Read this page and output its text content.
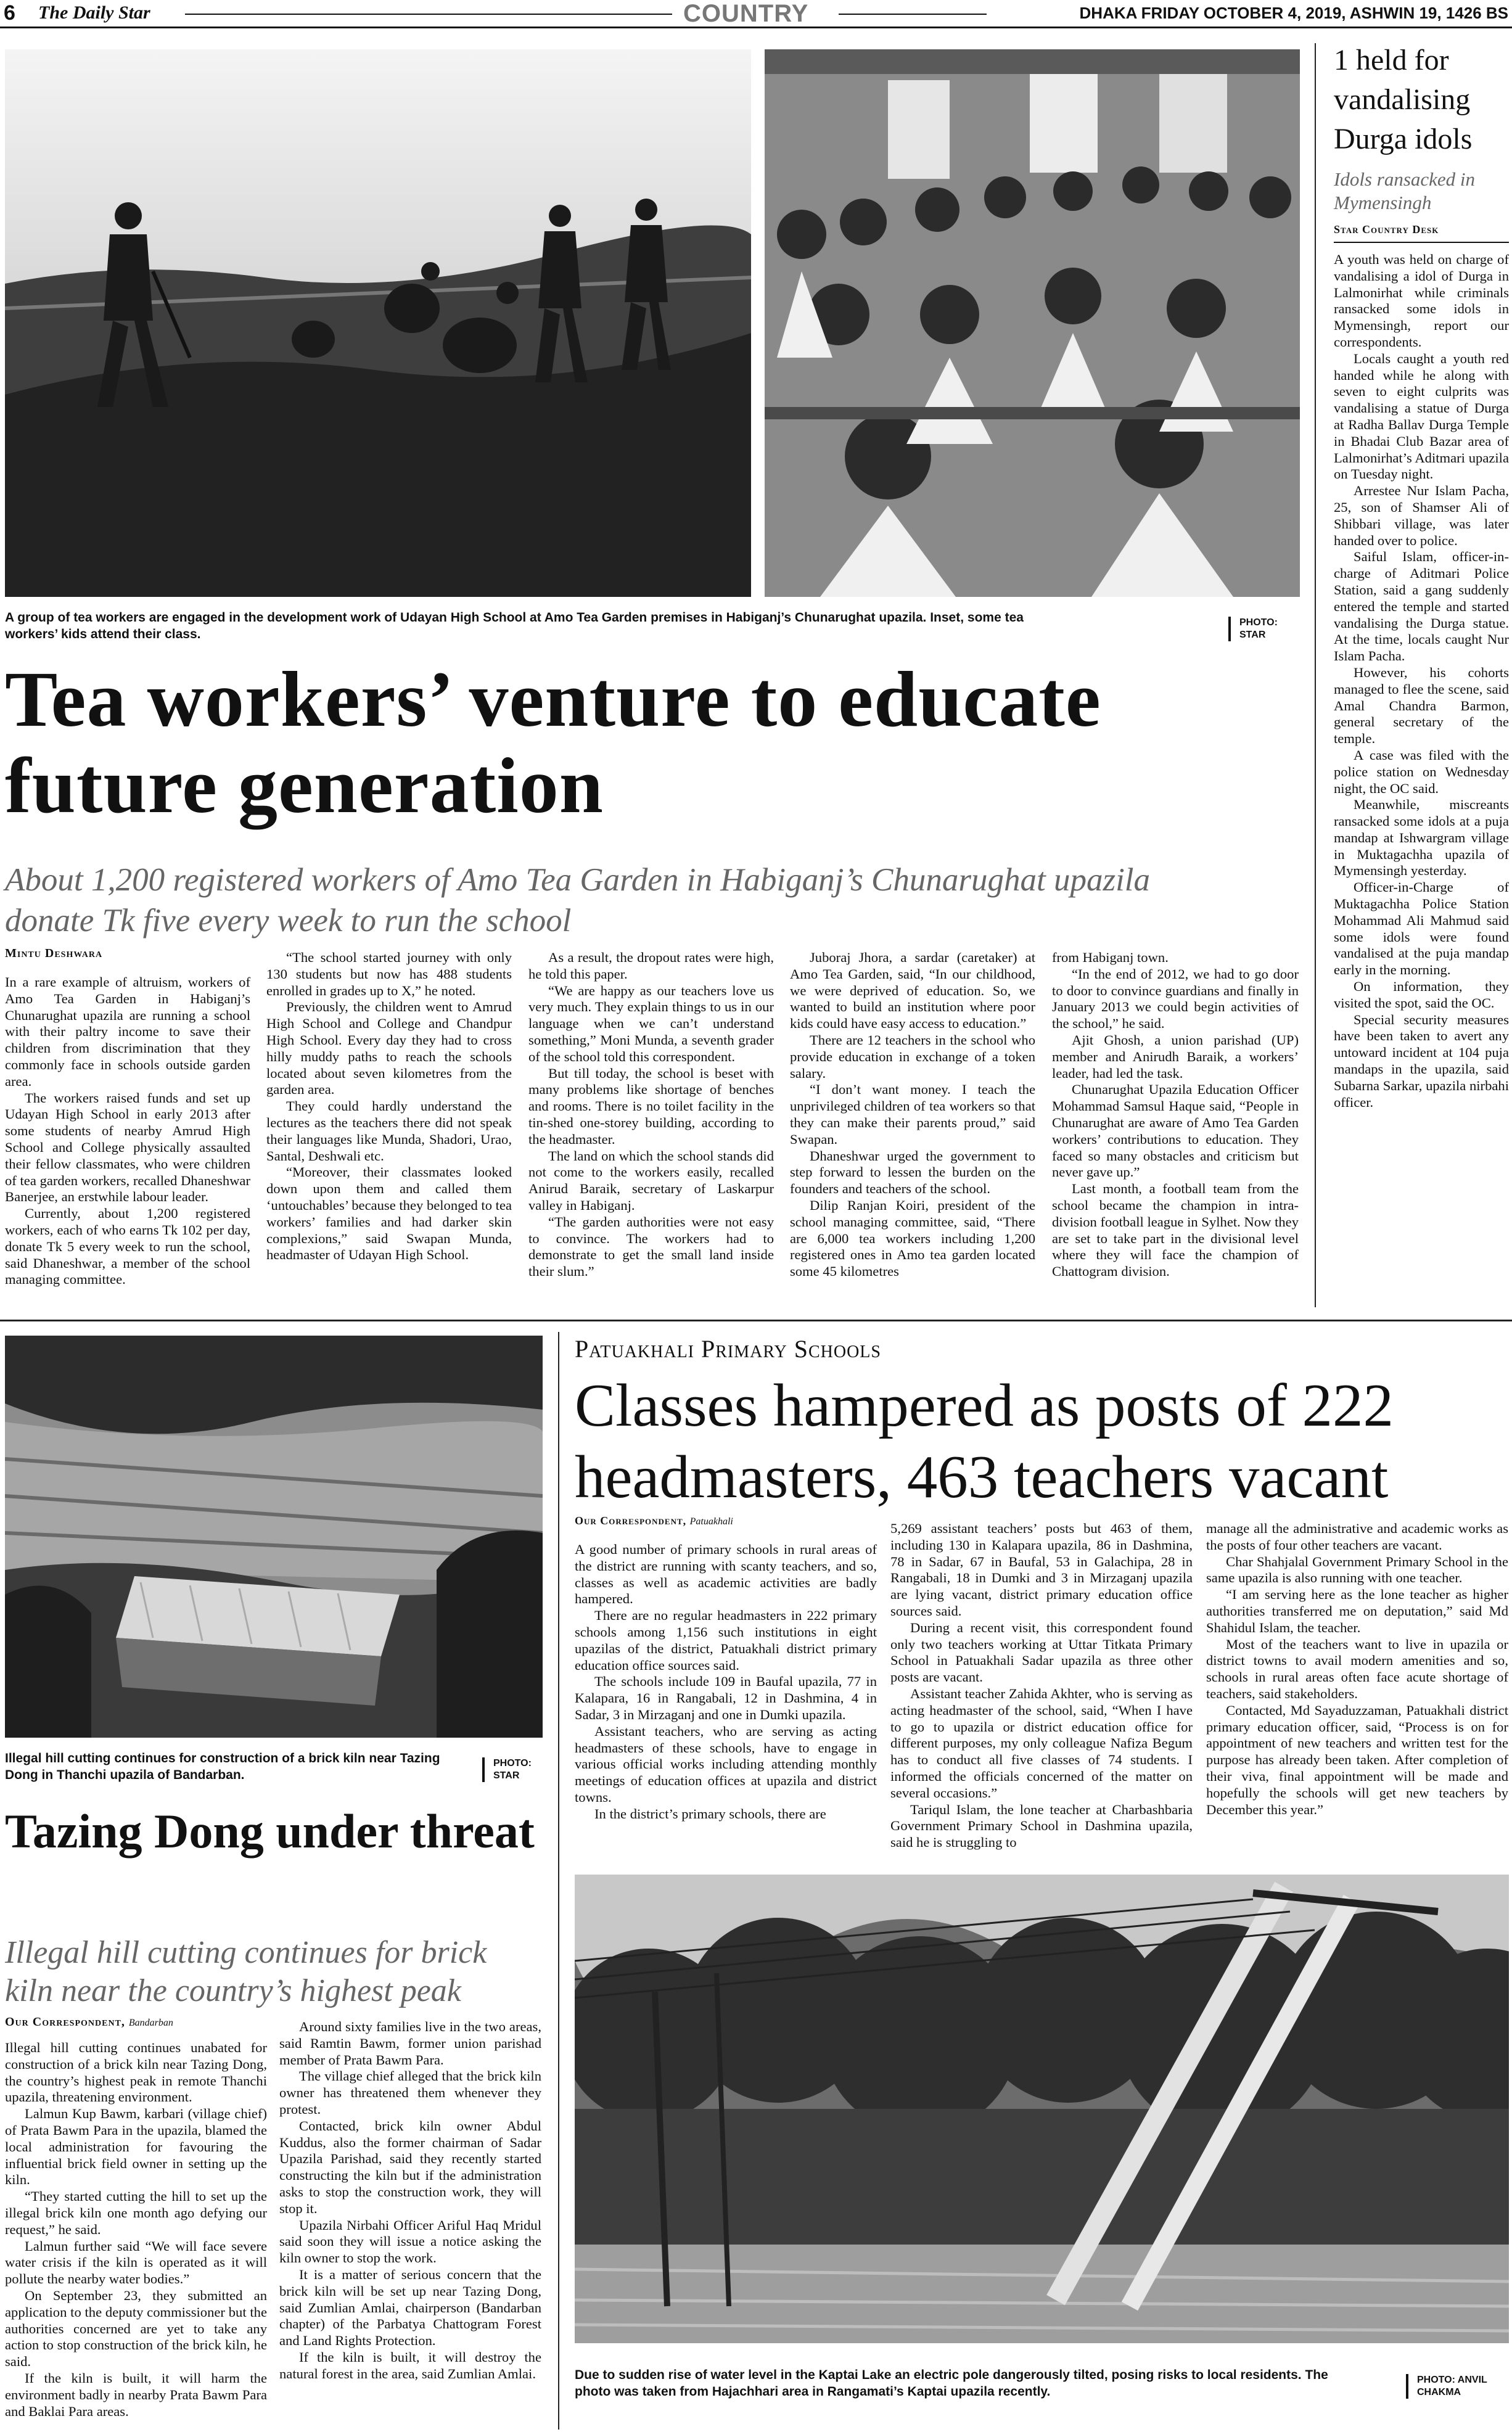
6 The Daily Star	COUNTRY	DHAKA FRIDAY OCTOBER 4, 2019, ASHWIN 19, 1426 BS
A group of tea workers are engaged in the development work of Udayan High School at Amo Tea Garden premises in Habiganj’s Chunarughat upazila. Inset, some tea workers’ kids attend their class.
PHOTO: STAR
Tea workers’ venture to educate future generation
About 1,200 registered workers of Amo Tea Garden in Habiganj’s Chunarughat upazila donate Tk five every week to run the school
Mintu Deshwara

In a rare example of altruism, workers of Amo Tea Garden in Habiganj’s Chunarughat upazila are running a school with their paltry income to save their children from discrimination that they commonly face in schools outside garden area.

The workers raised funds and set up Udayan High School in early 2013 after some students of nearby Amrud High School and College physically assaulted their fellow classmates, who were children of tea garden workers, recalled Dhaneshwar Banerjee, an erstwhile labour leader.

Currently, about 1,200 registered workers, each of who earns Tk 102 per day, donate Tk 5 every week to run the school, said Dhaneshwar, a member of the school managing committee.

“The school started journey with only 130 students but now has 488 students enrolled in grades up to X,” he noted.

Previously, the children went to Amrud High School and College and Chandpur High School. Every day they had to cross hilly muddy paths to reach the schools located about seven kilometres from the garden area.

They could hardly understand the lectures as the teachers there did not speak their languages like Munda, Shadori, Urao, Santal, Deshwali etc.

“Moreover, their classmates looked down upon them and called them ‘untouchables’ because they belonged to tea workers’ families and had darker skin complexions,” said Swapan Munda, headmaster of Udayan High School.

As a result, the dropout rates were high, he told this paper.

“We are happy as our teachers love us very much. They explain things to us in our language when we can’t understand something,” Moni Munda, a seventh grader of the school told this correspondent.

But till today, the school is beset with many problems like shortage of benches and rooms. There is no toilet facility in the tin-shed one-storey building, according to the headmaster.

The land on which the school stands did not come to the workers easily, recalled Anirud Baraik, secretary of Laskarpur valley in Habiganj.

“The garden authorities were not easy to convince. The workers had to demonstrate to get the small land inside their slum.”

Juboraj Jhora, a sardar (caretaker) at Amo Tea Garden, said, “In our childhood, we were deprived of education. So, we wanted to build an institution where poor kids could have easy access to education.”

There are 12 teachers in the school who provide education in exchange of a token salary.

“I don’t want money. I teach the unprivileged children of tea workers so that they can make their parents proud,” said Swapan.

Dhaneshwar urged the government to step forward to lessen the burden on the founders and teachers of the school.

Dilip Ranjan Koiri, president of the school managing committee, said, “There are 6,000 tea workers including 1,200 registered ones in Amo tea garden located some 45 kilometres

from Habiganj town.

“In the end of 2012, we had to go door to door to convince guardians and finally in January 2013 we could begin activities of the school,” he said.

Ajit Ghosh, a union parishad (UP) member and Anirudh Baraik, a workers’ leader, had led the task.

Chunarughat Upazila Education Officer Mohammad Samsul Haque said, “People in Chunarughat are aware of Amo Tea Garden workers’ contributions to education. They faced so many obstacles and criticism but never gave up.”

Last month, a football team from the school became the champion in intra-division football league in Sylhet. Now they are set to take part in the divisional level where they will face the champion of Chattogram division.

1 held for vandalising Durga idols
Idols ransacked in Mymensingh
Star Country Desk

A youth was held on charge of vandalising a idol of Durga in Lalmonirhat while criminals ransacked some idols in Mymensingh, report our correspondents.

Locals caught a youth red handed while he along with seven to eight culprits was vandalising a statue of Durga at Radha Ballav Durga Temple in Bhadai Club Bazar area of Lalmonirhat’s Aditmari upazila on Tuesday night.

Arrestee Nur Islam Pacha, 25, son of Shamser Ali of Shibbari village, was later handed over to police.

Saiful Islam, officer-in-charge of Aditmari Police Station, said a gang suddenly entered the temple and started vandalising the Durga statue. At the time, locals caught Nur Islam Pacha.

However, his cohorts managed to flee the scene, said Amal Chandra Barmon, general secretary of the temple.

A case was filed with the police station on Wednesday night, the OC said.

Meanwhile, miscreants ransacked some idols at a puja mandap at Ishwargram village in Muktagachha upazila of Mymensingh yesterday.

Officer-in-Charge of Muktagachha Police Station Mohammad Ali Mahmud said some idols were found vandalised at the puja mandap early in the morning.

On information, they visited the spot, said the OC.

Special security measures have been taken to avert any untoward incident at 104 puja mandaps in the upazila, said Subarna Sarkar, upazila nirbahi officer.

Illegal hill cutting continues for construction of a brick kiln near Tazing Dong in Thanchi upazila of Bandarban.
PHOTO: STAR
Tazing Dong under threat
Illegal hill cutting continues for brick kiln near the country’s highest peak
Our Correspondent, Bandarban

Illegal hill cutting continues unabated for construction of a brick kiln near Tazing Dong, the country’s highest peak in remote Thanchi upazila, threatening environment.

Lalmun Kup Bawm, karbari (village chief) of Prata Bawm Para in the upazila, blamed the local administration for favouring the influential brick field owner in setting up the kiln.

“They started cutting the hill to set up the illegal brick kiln one month ago defying our request,” he said.

Lalmun further said “We will face severe water crisis if the kiln is operated as it will pollute the nearby water bodies.”

On September 23, they submitted an application to the deputy commissioner but the authorities concerned are yet to take any action to stop construction of the brick kiln, he said.

If the kiln is built, it will harm the environment badly in nearby Prata Bawm Para and Baklai Para areas.

Around sixty families live in the two areas, said Ramtin Bawm, former union parishad member of Prata Bawm Para.

The village chief alleged that the brick kiln owner has threatened them whenever they protest.

Contacted, brick kiln owner Abdul Kuddus, also the former chairman of Sadar Upazila Parishad, said they recently started constructing the kiln but if the administration asks to stop the construction work, they will stop it.

Upazila Nirbahi Officer Ariful Haq Mridul said soon they will issue a notice asking the kiln owner to stop the work.

It is a matter of serious concern that the brick kiln will be set up near Tazing Dong, said Zumlian Amlai, chairperson (Bandarban chapter) of the Parbatya Chattogram Forest and Land Rights Protection.

If the kiln is built, it will destroy the natural forest in the area, said Zumlian Amlai.

Patuakhali Primary Schools
Classes hampered as posts of 222 headmasters, 463 teachers vacant
Our Correspondent, Patuakhali

A good number of primary schools in rural areas of the district are running with scanty teachers, and so, classes as well as academic activities are badly hampered.

There are no regular headmasters in 222 primary schools among 1,156 such institutions in eight upazilas of the district, Patuakhali district primary education office sources said.

The schools include 109 in Baufal upazila, 77 in Kalapara, 16 in Rangabali, 12 in Dashmina, 4 in Sadar, 3 in Mirzaganj and one in Dumki upazila.

Assistant teachers, who are serving as acting headmasters of these schools, have to engage in various official works including attending monthly meetings of education offices at upazila and district towns.

In the district’s primary schools, there are

5,269 assistant teachers’ posts but 463 of them, including 130 in Kalapara upazila, 86 in Dashmina, 78 in Sadar, 67 in Baufal, 53 in Galachipa, 28 in Rangabali, 18 in Dumki and 3 in Mirzaganj upazila are lying vacant, district primary education office sources said.

During a recent visit, this correspondent found only two teachers working at Uttar Titkata Primary School in Patuakhali Sadar upazila as three other posts are vacant.

Assistant teacher Zahida Akhter, who is serving as acting headmaster of the school, said, “When I have to go to upazila or district education office for different purposes, my only colleague Nafiza Begum has to conduct all five classes of 74 students. I informed the officials concerned of the matter on several occasions.”

Tariqul Islam, the lone teacher at Charbashbaria Government Primary School in Dashmina upazila, said he is struggling to

manage all the administrative and academic works as the posts of four other teachers are vacant.

Char Shahjalal Government Primary School in the same upazila is also running with one teacher.

“I am serving here as the lone teacher as higher authorities transferred me on deputation,” said Md Shahidul Islam, the teacher.

Most of the teachers want to live in upazila or district towns to avail modern amenities and so, schools in rural areas often face acute shortage of teachers, said stakeholders.

Contacted, Md Sayaduzzaman, Patuakhali district primary education officer, said, “Process is on for appointment of new teachers and written test for the purpose has already been taken. After completion of their viva, final appointment will be made and hopefully the schools will get new teachers by December this year.”

Due to sudden rise of water level in the Kaptai Lake an electric pole dangerously tilted, posing risks to local residents. The photo was taken from Hajachhari area in Rangamati’s Kaptai upazila recently.
PHOTO: ANVIL CHAKMA
